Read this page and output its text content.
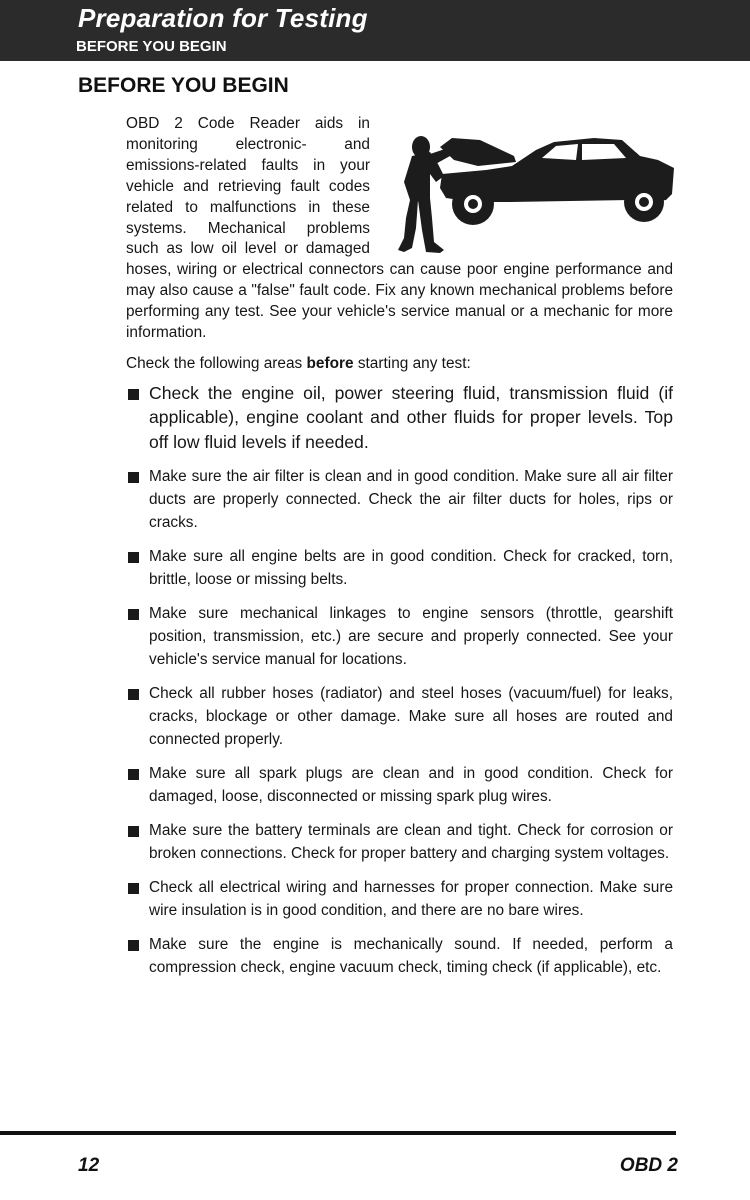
Preparation for Testing
BEFORE YOU BEGIN
BEFORE YOU BEGIN

OBD 2 Code Reader aids in monitoring electronic- and emissions-related faults in your vehicle and retrieving fault codes related to malfunctions in these systems. Mechanical problems such as low oil level or damaged hoses, wiring or electrical connectors can cause poor engine performance and may also cause a "false" fault code. Fix any known mechanical problems before performing any test. See your vehicle's service manual or a mechanic for more information.

Check the following areas before starting any test:

Check the engine oil, power steering fluid, transmission fluid (if applicable), engine coolant and other fluids for proper levels. Top off low fluid levels if needed.
Make sure the air filter is clean and in good condition. Make sure all air filter ducts are properly connected. Check the air filter ducts for holes, rips or cracks.
Make sure all engine belts are in good condition. Check for cracked, torn, brittle, loose or missing belts.
Make sure mechanical linkages to engine sensors (throttle, gearshift position, transmission, etc.) are secure and properly connected. See your vehicle's service manual for locations.
Check all rubber hoses (radiator) and steel hoses (vacuum/fuel) for leaks, cracks, blockage or other damage. Make sure all hoses are routed and connected properly.
Make sure all spark plugs are clean and in good condition. Check for damaged, loose, disconnected or missing spark plug wires.
Make sure the battery terminals are clean and tight. Check for corrosion or broken connections. Check for proper battery and charging system voltages.
Check all electrical wiring and harnesses for proper connection. Make sure wire insulation is in good condition, and there are no bare wires.
Make sure the engine is mechanically sound. If needed, perform a compression check, engine vacuum check, timing check (if applicable), etc.
12	OBD 2
